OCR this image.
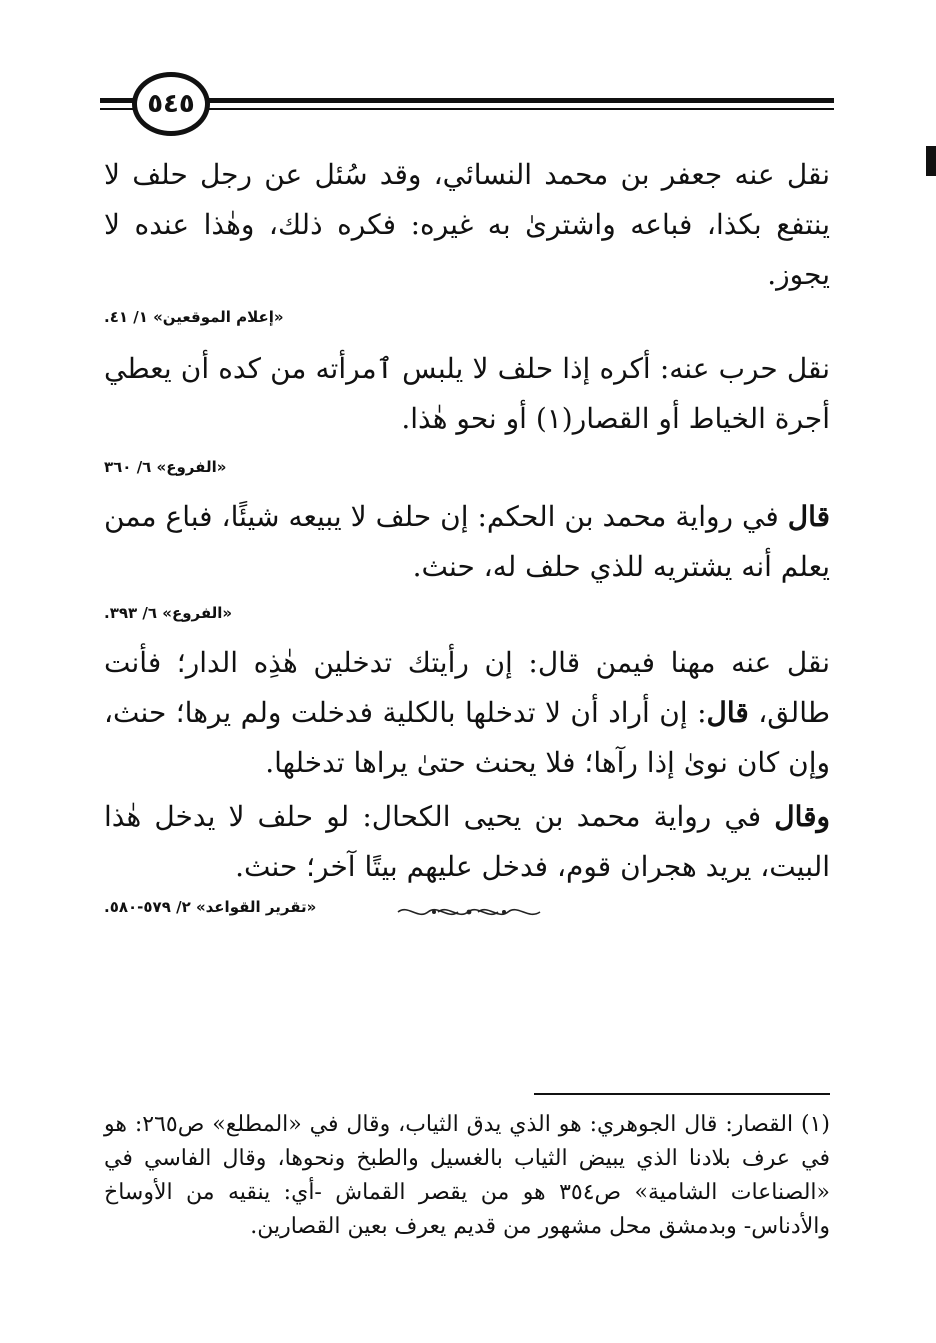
٥٤٥

نقل عنه جعفر بن محمد النسائي، وقد سُئل عن رجل حلف لا ينتفع بكذا، فباعه واشترىٰ به غيره: فكره ذلك، وهٰذا عنده لا يجوز.

«إعلام الموقعين» ١/ ٤١.

نقل حرب عنه: أكره إذا حلف لا يلبس ٱمرأته من كده أن يعطي أجرة الخياط أو القصار(١) أو نحو هٰذا.

«الفروع» ٦/ ٣٦٠

قال في رواية محمد بن الحكم: إن حلف لا يبيعه شيئًا، فباع ممن يعلم أنه يشتريه للذي حلف له، حنث.

«الفروع» ٦/ ٣٩٣.

نقل عنه مهنا فيمن قال: إن رأيتك تدخلين هٰذِه الدار؛ فأنت طالق، قال: إن أراد أن لا تدخلها بالكلية فدخلت ولم يرها؛ حنث، وإن كان نوىٰ إذا رآها؛ فلا يحنث حتىٰ يراها تدخلها.

وقال في رواية محمد بن يحيى الكحال: لو حلف لا يدخل هٰذا البيت، يريد هجران قوم، فدخل عليهم بيتًا آخر؛ حنث.

«تقرير القواعد» ٢/ ٥٧٩-٥٨٠.

(١) القصار: قال الجوهري: هو الذي يدق الثياب، وقال في «المطلع» ص٢٦٥: هو في عرف بلادنا الذي يبيض الثياب بالغسيل والطبخ ونحوها، وقال الفاسي في «الصناعات الشامية» ص٣٥٤ هو من يقصر القماش -أي: ينقيه من الأوساخ والأدناس- وبدمشق محل مشهور من قديم يعرف بعين القصارين.
